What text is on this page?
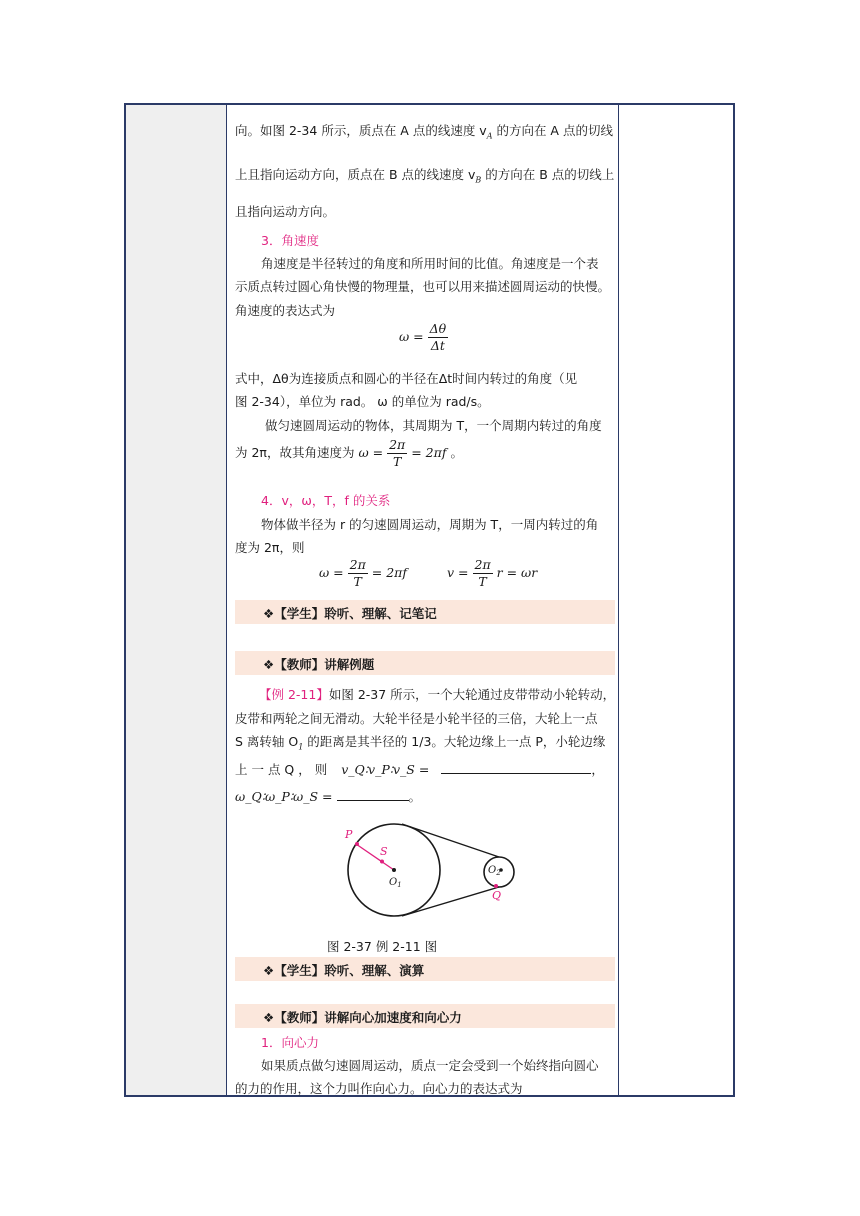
向。如图 2-34 所示，质点在 A 点的线速度 $v_A$ 的方向在 A 点的切线
上且指向运动方向，质点在 B 点的线速度 $v_B$ 的方向在 B 点的切线上
且指向运动方向。
3．角速度
角速度是半径转过的角度和所用时间的比值。角速度是一个表
示质点转过圆心角快慢的物理量，也可以用来描述圆周运动的快慢。
角速度的表达式为
$\omega = \frac{\Delta\theta}{\Delta t}$
式中，Δθ为连接质点和圆心的半径在Δt时间内转过的角度（见
图 2-34），单位为 rad。 ω 的单位为 rad/s。
做匀速圆周运动的物体，其周期为 T，一个周期内转过的角度
为 2π，故其角速度为 $\omega = \frac{2\pi}{T} = 2\pi f$ 。
4．v，ω，T，f 的关系
物体做半径为 r 的匀速圆周运动，周期为 T，一周内转过的角
度为 2π，则
$\omega = \frac{2\pi}{T} = 2\pi f$	$v = \frac{2\pi}{T}$ r = ωr
❖【学生】聆听、理解、记笔记
❖【教师】讲解例题
【例 2-11】如图 2-37 所示，一个大轮通过皮带带动小轮转动，
皮带和两轮之间无滑动。大轮半径是小轮半径的三倍，大轮上一点
S 离转轴 $O_1$ 的距离是其半径的 1/3。大轮边缘上一点 P，小轮边缘
上 一 点 Q ， 则 v_Q∶v_P∶v_S =	，
ω_Q∶ω_P∶ω_S =	。
P
S
$O_1$
$O_2$
Q
图 2-37 例 2-11 图
❖【学生】聆听、理解、演算
❖【教师】讲解向心加速度和向心力
1．向心力
如果质点做匀速圆周运动，质点一定会受到一个始终指向圆心
的力的作用，这个力叫作向心力。向心力的表达式为
